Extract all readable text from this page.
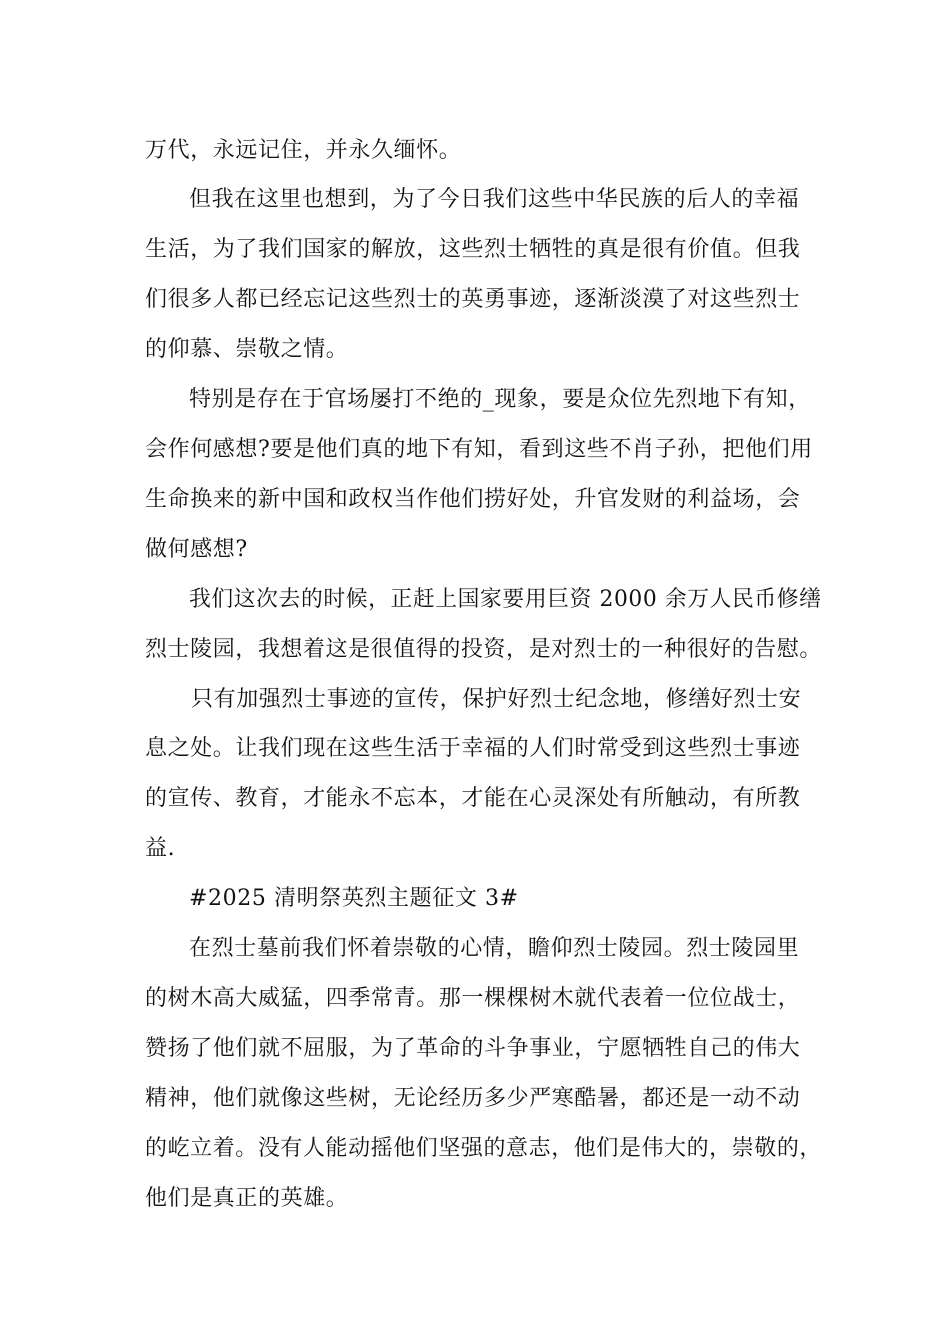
万代，永远记住，并永久缅怀。

但我在这里也想到，为了今日我们这些中华民族的后人的幸福

生活，为了我们国家的解放，这些烈士牺牲的真是很有价值。但我

们很多人都已经忘记这些烈士的英勇事迹，逐渐淡漠了对这些烈士

的仰慕、崇敬之情。

特别是存在于官场屡打不绝的_现象，要是众位先烈地下有知，

会作何感想?要是他们真的地下有知，看到这些不肖子孙，把他们用

生命换来的新中国和政权当作他们捞好处，升官发财的利益场，会

做何感想?

我们这次去的时候，正赶上国家要用巨资 2000 余万人民币修缮

烈士陵园，我想着这是很值得的投资，是对烈士的一种很好的告慰。

只有加强烈士事迹的宣传，保护好烈士纪念地，修缮好烈士安

息之处。让我们现在这些生活于幸福的人们时常受到这些烈士事迹

的宣传、教育，才能永不忘本，才能在心灵深处有所触动，有所教

益.

#2025 清明祭英烈主题征文 3#

在烈士墓前我们怀着崇敬的心情，瞻仰烈士陵园。烈士陵园里

的树木高大威猛，四季常青。那一棵棵树木就代表着一位位战士，

赞扬了他们就不屈服，为了革命的斗争事业，宁愿牺牲自己的伟大

精神，他们就像这些树，无论经历多少严寒酷暑，都还是一动不动

的屹立着。没有人能动摇他们坚强的意志，他们是伟大的，崇敬的，

他们是真正的英雄。
